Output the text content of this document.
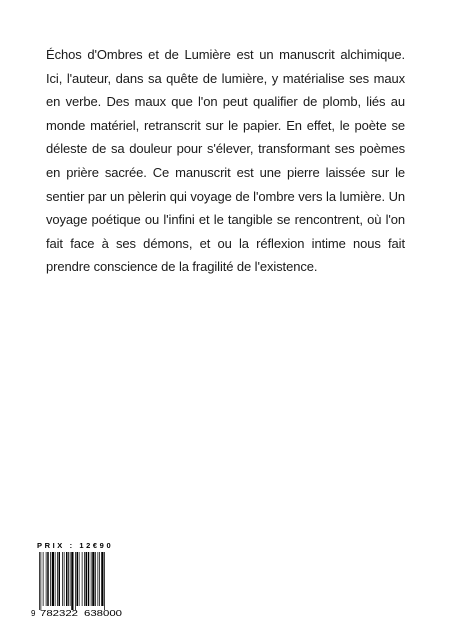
Échos d'Ombres et de Lumière est un manuscrit alchimique. Ici, l'auteur, dans sa quête de lumière, y matérialise ses maux en verbe. Des maux que l'on peut qualifier de plomb, liés au monde matériel, retranscrit sur le papier. En effet, le poète se déleste de sa douleur pour s'élever, transformant ses poèmes en prière sacrée. Ce manuscrit est une pierre laissée sur le sentier par un pèlerin qui voyage de l'ombre vers la lumière. Un voyage poétique ou l'infini et le tangible se rencontrent, où l'on fait face à ses démons, et ou la réflexion intime nous fait prendre conscience de la fragilité de l'existence.

PRIX : 12€90

9 782322 638000
